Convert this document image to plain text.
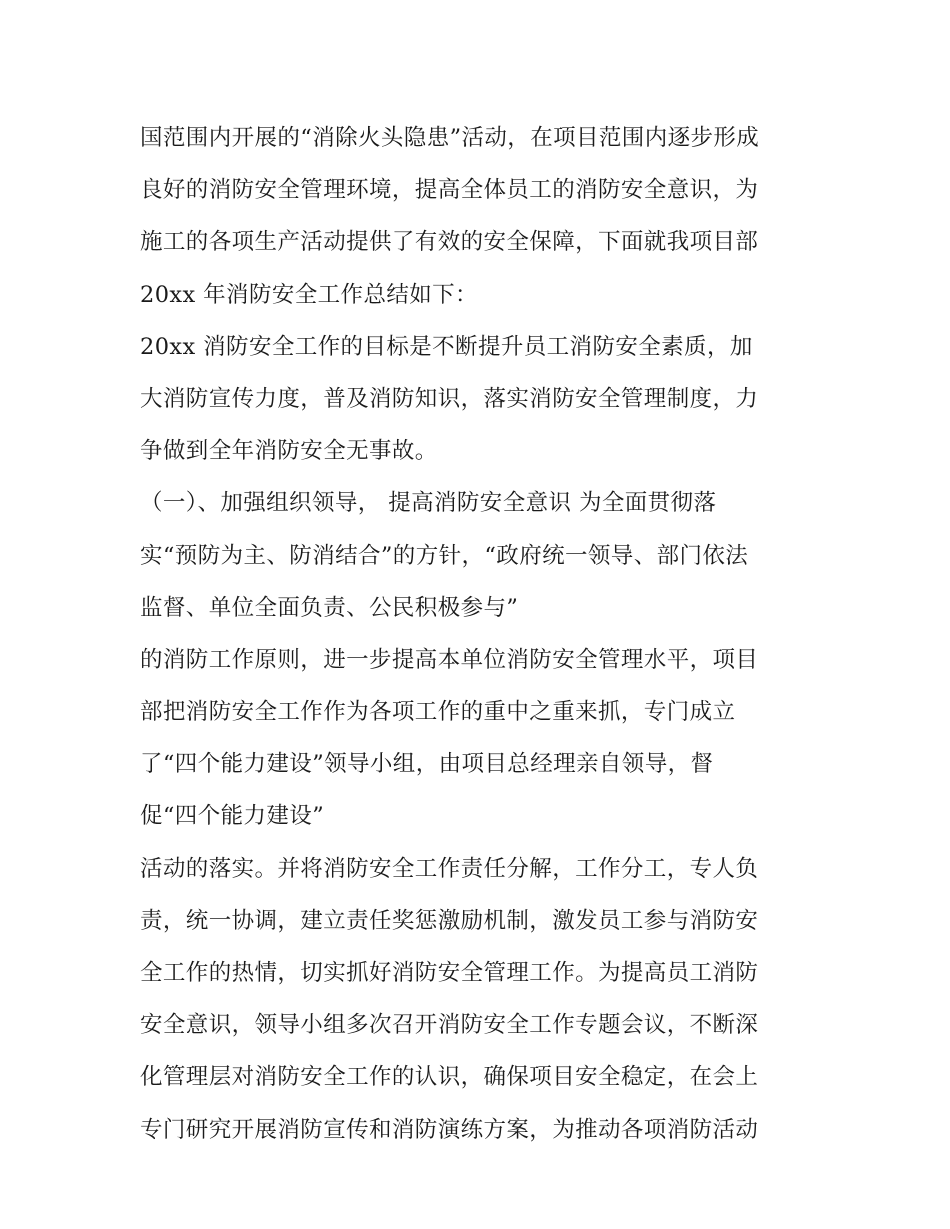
国范围内开展的“消除火头隐患”活动，在项目范围内逐步形成
良好的消防安全管理环境，提高全体员工的消防安全意识，为
施工的各项生产活动提供了有效的安全保障，下面就我项目部
20xx 年消防安全工作总结如下：
20xx 消防安全工作的目标是不断提升员工消防安全素质，加
大消防宣传力度，普及消防知识，落实消防安全管理制度，力
争做到全年消防安全无事故。
（一）、加强组织领导， 提高消防安全意识 为全面贯彻落
实“预防为主、防消结合”的方针，“政府统一领导、部门依法
监督、单位全面负责、公民积极参与”
的消防工作原则，进一步提高本单位消防安全管理水平，项目
部把消防安全工作作为各项工作的重中之重来抓，专门成立
了“四个能力建设”领导小组，由项目总经理亲自领导，督
促“四个能力建设”
活动的落实。并将消防安全工作责任分解，工作分工，专人负
责，统一协调，建立责任奖惩激励机制，激发员工参与消防安
全工作的热情，切实抓好消防安全管理工作。为提高员工消防
安全意识，领导小组多次召开消防安全工作专题会议，不断深
化管理层对消防安全工作的认识，确保项目安全稳定，在会上
专门研究开展消防宣传和消防演练方案，为推动各项消防活动
